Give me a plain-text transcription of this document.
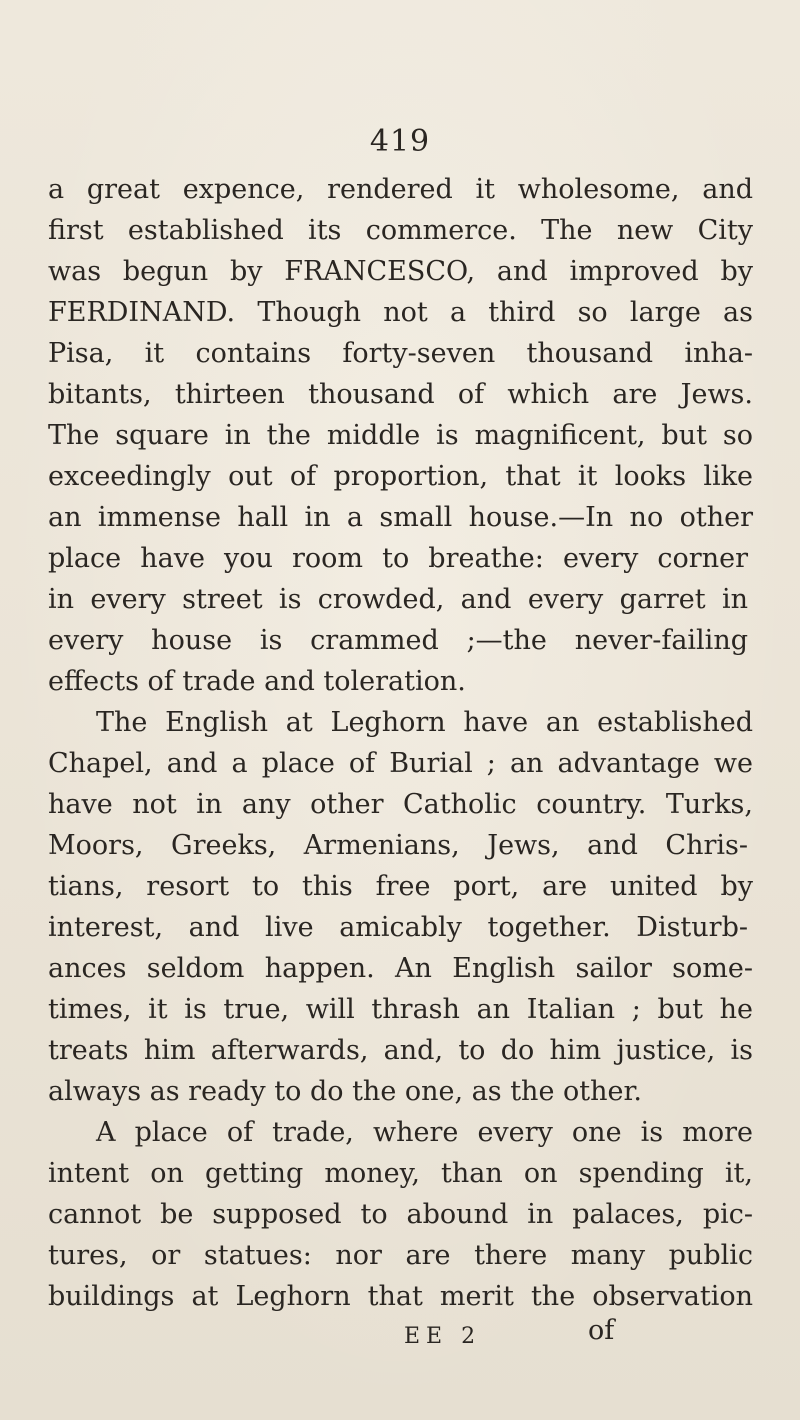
419
a great expence, rendered it wholesome, and
first established its commerce. The new City
was begun by FRANCESCO, and improved by
FERDINAND. Though not a third so large as
Pisa, it contains forty-seven thousand inha-
bitants, thirteen thousand of which are Jews.
The square in the middle is magnificent, but so
exceedingly out of proportion, that it looks like
an immense hall in a small house.—In no other
place have you room to breathe: every corner
in every street is crowded, and every garret in
every house is crammed ;—the never-failing
effects of trade and toleration.
The English at Leghorn have an established
Chapel, and a place of Burial ; an advantage we
have not in any other Catholic country. Turks,
Moors, Greeks, Armenians, Jews, and Chris-
tians, resort to this free port, are united by
interest, and live amicably together. Disturb-
ances seldom happen. An English sailor some-
times, it is true, will thrash an Italian ; but he
treats him afterwards, and, to do him justice, is
always as ready to do the one, as the other.
A place of trade, where every one is more
intent on getting money, than on spending it,
cannot be supposed to abound in palaces, pic-
tures, or statues: nor are there many public
buildings at Leghorn that merit the observation
EE 2	of
